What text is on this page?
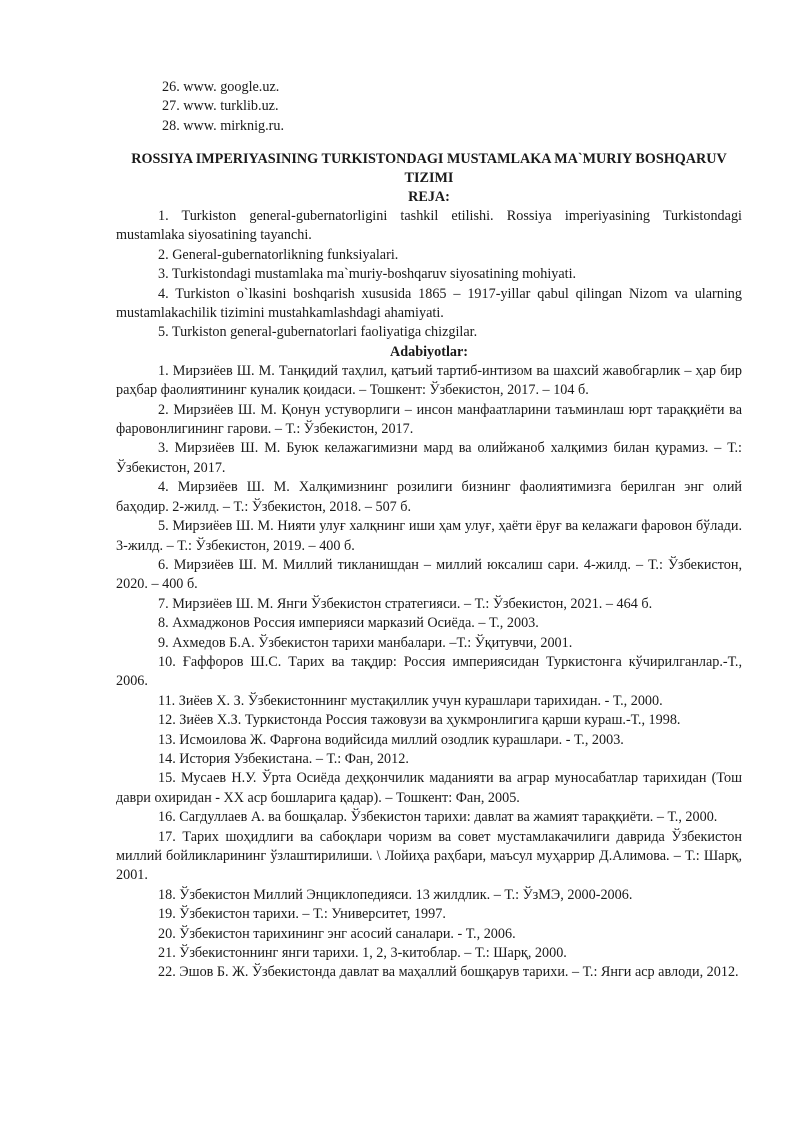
26. www. google.uz.
27. www. turklib.uz.
28. www. mirknig.ru.

ROSSIYA IMPERIYASINING TURKISTONDAGI MUSTAMLAKA MA`MURIY BOSHQARUV TIZIMI

REJA:

1. Turkiston general-gubernatorligini tashkil etilishi. Rossiya imperiyasining Turkistondagi mustamlaka siyosatining tayanchi.

2. General-gubernatorlikning funksiyalari.

3. Turkistondagi mustamlaka ma`muriy-boshqaruv siyosatining mohiyati.

4. Turkiston o`lkasini boshqarish xususida 1865 – 1917-yillar qabul qilingan Nizom va ularning mustamlakachilik tizimini mustahkamlashdagi ahamiyati.

5. Turkiston general-gubernatorlari faoliyatiga chizgilar.

Adabiyotlar:

1. Мирзиёев Ш. М. Танқидий таҳлил, қатъий тартиб-интизом ва шахсий жавобгарлик – ҳар бир раҳбар фаолиятининг куналик қоидаси. – Тошкент: Ўзбекистон, 2017. – 104 б.

2. Мирзиёев Ш. М. Қонун устуворлиги – инсон манфаатларини таъминлаш юрт тараққиёти ва фаровонлигининг гарови. – Т.: Ўзбекистон, 2017.

3. Мирзиёев Ш. М. Буюк келажагимизни мард ва олийжаноб халқимиз билан қурамиз. – Т.: Ўзбекистон, 2017.

4. Мирзиёев Ш. М. Халқимизнинг розилиги бизнинг фаолиятимизга берилган энг олий баҳодир. 2-жилд. – Т.: Ўзбекистон, 2018. – 507 б.

5. Мирзиёев Ш. М. Нияти улуғ халқнинг иши ҳам улуғ, ҳаёти ёруғ ва келажаги фаровон бўлади. 3-жилд. – Т.: Ўзбекистон, 2019. – 400 б.

6. Мирзиёев Ш. М. Миллий тикланишдан – миллий юксалиш сари. 4-жилд. – Т.: Ўзбекистон, 2020. – 400 б.

7. Мирзиёев Ш. М. Янги Ўзбекистон стратегияси. – Т.: Ўзбекистон, 2021. – 464 б.

8. Ахмаджонов Россия империяси марказий Осиёда. – Т., 2003.

9. Ахмедов Б.А. Ўзбекистон тарихи манбалари. –Т.: Ўқитувчи, 2001.

10. Ғаффоров Ш.С. Тарих ва тақдир: Россия империясидан Туркистонга кўчирилганлар.-Т., 2006.

11. Зиёев Х. З. Ўзбекистоннинг мустақиллик учун курашлари тарихидан. - Т., 2000.

12. Зиёев Х.З. Туркистонда Россия тажовузи ва ҳукмронлигига қарши кураш.-Т., 1998.

13. Исмоилова Ж. Фарғона водийсида миллий озодлик курашлари. - Т., 2003.

14. История Узбекистана. – Т.: Фан, 2012.

15. Мусаев Н.У. Ўрта Осиёда деҳқончилик маданияти ва аграр муносабатлар тарихидан (Тош даври охиридан - XX аср бошларига қадар). – Тошкент: Фан, 2005.

16. Сагдуллаев А. ва бошқалар. Ўзбекистон тарихи: давлат ва жамият тараққиёти. – Т., 2000.

17. Тарих шоҳидлиги ва сабоқлари чоризм ва совет мустамлакачилиги даврида Ўзбекистон миллий бойликларининг ўзлаштирилиши. \ Лойиҳа раҳбари, маъсул муҳаррир Д.Алимова. – Т.: Шарқ, 2001.

18. Ўзбекистон Миллий Энциклопедияси. 13 жилдлик. – Т.: ЎзМЭ, 2000-2006.

19. Ўзбекистон тарихи. – Т.: Университет, 1997.

20. Ўзбекистон тарихининг энг асосий саналари. - Т., 2006.

21. Ўзбекистоннинг янги тарихи. 1, 2, 3-китоблар. – Т.: Шарқ, 2000.

22. Эшов Б. Ж. Ўзбекистонда давлат ва маҳаллий бошқарув тарихи. – Т.: Янги аср авлоди, 2012.
